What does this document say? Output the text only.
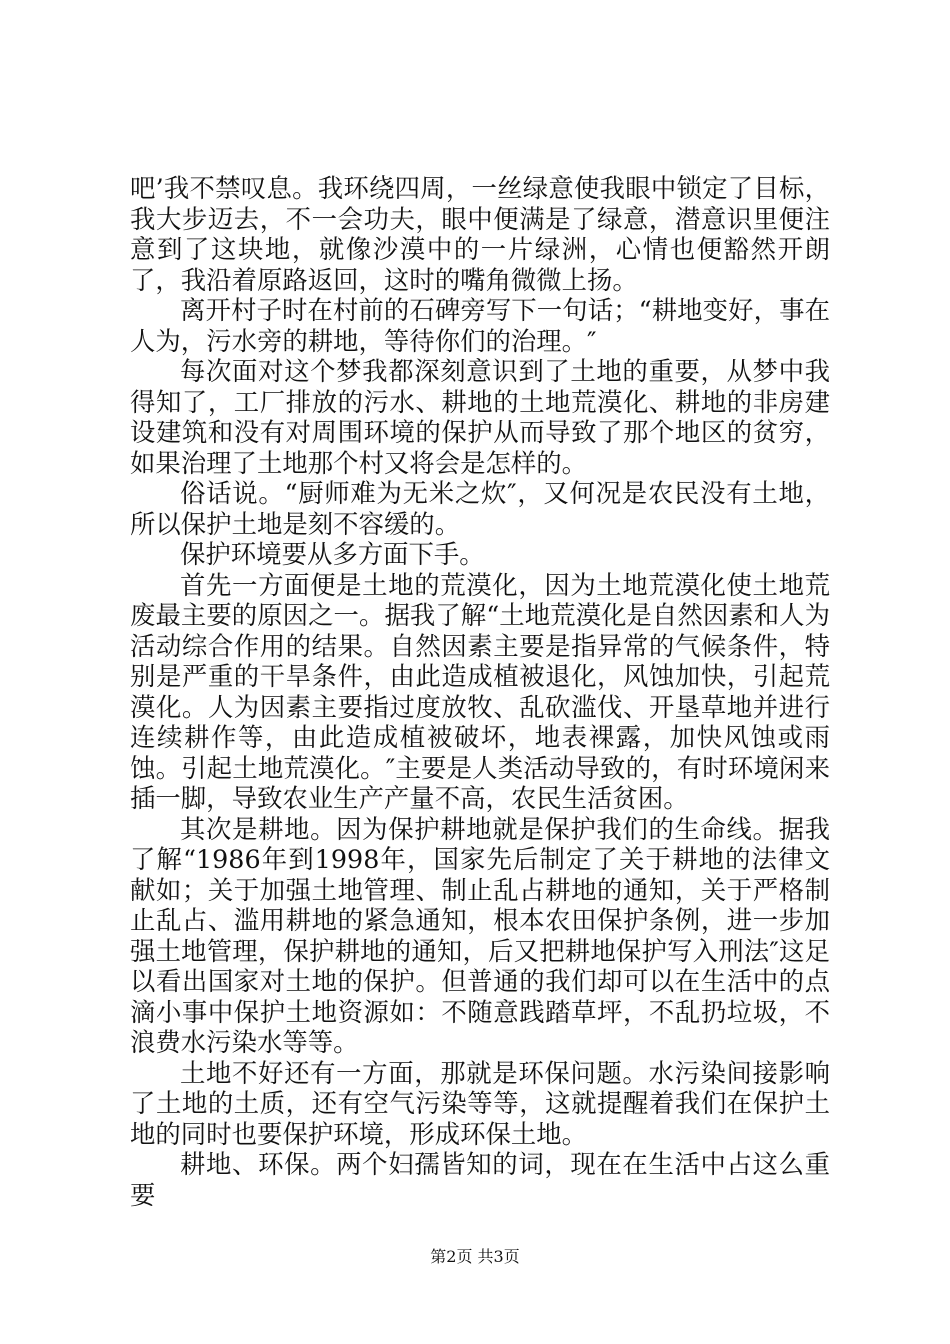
吧’我不禁叹息。我环绕四周，一丝绿意使我眼中锁定了目标，我大步迈去，不一会功夫，眼中便满是了绿意，潜意识里便注意到了这块地，就像沙漠中的一片绿洲，心情也便豁然开朗了，我沿着原路返回，这时的嘴角微微上扬。

离开村子时在村前的石碑旁写下一句话；“耕地变好，事在人为，污水旁的耕地，等待你们的治理。″

每次面对这个梦我都深刻意识到了土地的重要，从梦中我得知了，工厂排放的污水、耕地的土地荒漠化、耕地的非房建设建筑和没有对周围环境的保护从而导致了那个地区的贫穷，如果治理了土地那个村又将会是怎样的。

俗话说。“厨师难为无米之炊″，又何况是农民没有土地，所以保护土地是刻不容缓的。

保护环境要从多方面下手。

首先一方面便是土地的荒漠化，因为土地荒漠化使土地荒废最主要的原因之一。据我了解“土地荒漠化是自然因素和人为活动综合作用的结果。自然因素主要是指异常的气候条件，特别是严重的干旱条件，由此造成植被退化，风蚀加快，引起荒漠化。人为因素主要指过度放牧、乱砍滥伐、开垦草地并进行连续耕作等，由此造成植被破坏，地表裸露，加快风蚀或雨蚀。引起土地荒漠化。″主要是人类活动导致的，有时环境闲来插一脚，导致农业生产产量不高，农民生活贫困。

其次是耕地。因为保护耕地就是保护我们的生命线。据我了解“1986年到1998年，国家先后制定了关于耕地的法律文献如；关于加强土地管理、制止乱占耕地的通知，关于严格制止乱占、滥用耕地的紧急通知，根本农田保护条例，进一步加强土地管理，保护耕地的通知，后又把耕地保护写入刑法″这足以看出国家对土地的保护。但普通的我们却可以在生活中的点滴小事中保护土地资源如：不随意践踏草坪，不乱扔垃圾，不浪费水污染水等等。

土地不好还有一方面，那就是环保问题。水污染间接影响了土地的土质，还有空气污染等等，这就提醒着我们在保护土地的同时也要保护环境，形成环保土地。

耕地、环保。两个妇孺皆知的词，现在在生活中占这么重要

第2页 共3页
